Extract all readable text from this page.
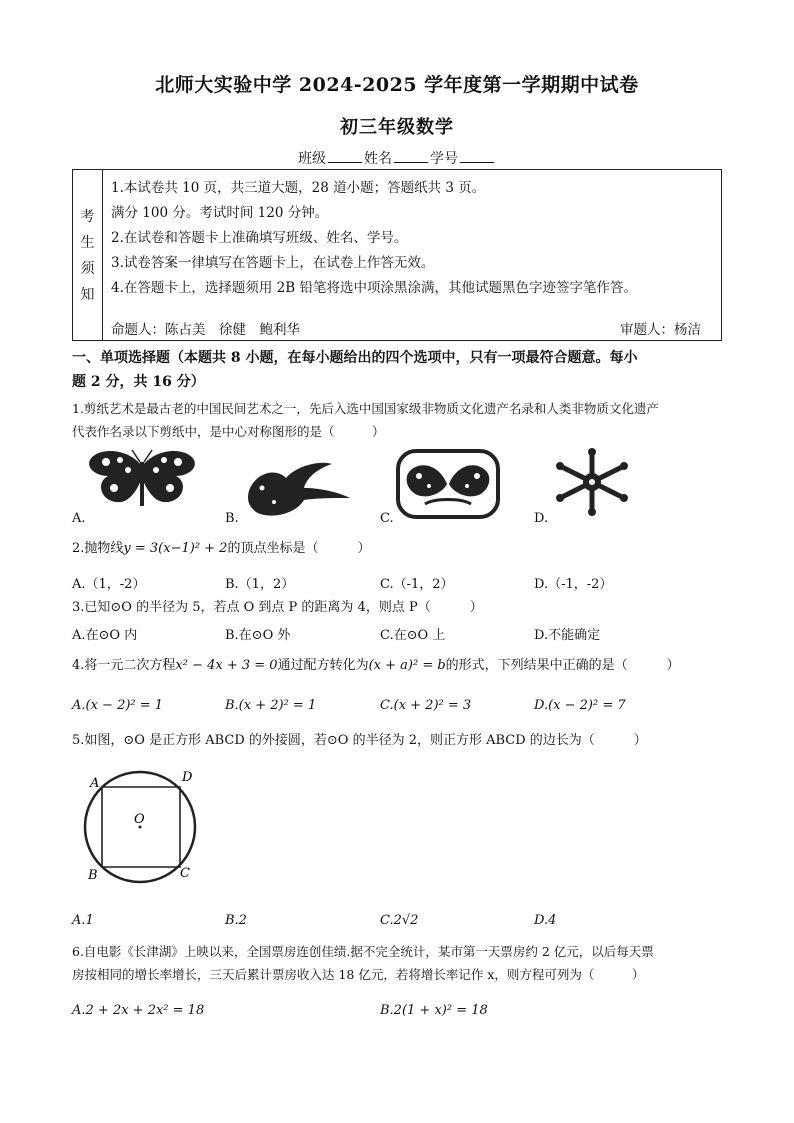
北师大实验中学 2024-2025 学年度第一学期期中试卷
初三年级数学
班级	姓名	学号
考
生
须
知
1.本试卷共 10 页，共三道大题，28 道小题；答题纸共 3 页。
满分 100 分。考试时间 120 分钟。
2.在试卷和答题卡上准确填写班级、姓名、学号。
3.试卷答案一律填写在答题卡上，在试卷上作答无效。
4.在答题卡上，选择题须用 2B 铅笔将选中项涂黑涂满，其他试题黑色字迹签字笔作答。
命题人：陈占美　徐健　鲍利华	审题人：杨洁
一、单项选择题（本题共 8 小题，在每小题给出的四个选项中，只有一项最符合题意。每小
题 2 分，共 16 分）
1.剪纸艺术是最古老的中国民间艺术之一，先后入选中国国家级非物质文化遗产名录和人类非物质文化遗产
代表作名录以下剪纸中，是中心对称图形的是（　　　）
A.	B.	C.	D.
2.抛物线y = 3(x−1)² + 2的顶点坐标是（　　　）
A.（1，-2）	B.（1，2）	C.（-1，2）	D.（-1，-2）
3.已知⊙O 的半径为 5，若点 O 到点 P 的距离为 4，则点 P（　　　）
A.在⊙O 内	B.在⊙O 外	C.在⊙O 上	D.不能确定
4.将一元二次方程x² − 4x + 3 = 0通过配方转化为(x + a)² = b的形式，下列结果中正确的是（　　　）
A.(x − 2)² = 1	B.(x + 2)² = 1	C.(x + 2)² = 3	D.(x − 2)² = 7
5.如图，⊙O 是正方形 ABCD 的外接圆，若⊙O 的半径为 2，则正方形 ABCD 的边长为（　　　）
A	D
B	C
O
A.1	B.2	C.2√2	D.4
6.自电影《长津湖》上映以来，全国票房连创佳绩.据不完全统计，某市第一天票房约 2 亿元，以后每天票
房按相同的增长率增长，三天后累计票房收入达 18 亿元，若将增长率记作 x，则方程可列为（　　　）
A.2 + 2x + 2x² = 18	B.2(1 + x)² = 18
